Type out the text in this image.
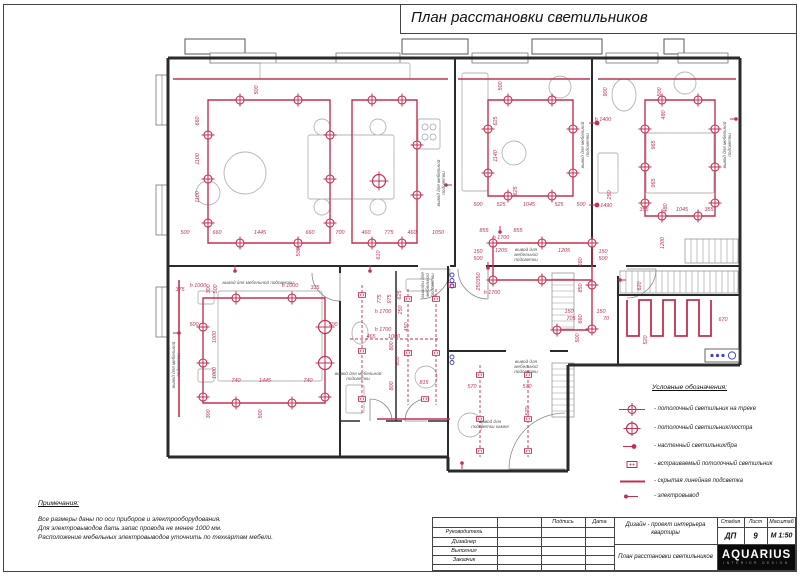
План расстановки светильников
500
660
1100
1100
500	660	1445	660	700	460	775	460	1050
500	610
500
625
1140
625
500	525	1045	525 500
855	855
h 1700
900	500
480
965
965
250
h 1400
h 1490
355	480 1045	355
1200
375
h 1000 300 500	h 1000 335
500
1000
1000
500
740	1445	740
300	500
150
500
1205	1205	150
500
660
850
660
150
705
150
70
500
350
250
h 1700
775 975 625
450
800
800
465 1000
250
600
h 1700
h 1700
815
570	570
570
620
670
520
вывод для мебельнойподсветки
вывод для мебельнойподсветки	вывод для мебельнойподсветки
вывод для мебельнойподсветки
вывод для мебельной подсветки
вывод для мебельной подсветки
вывод для мебельной подсветки
выводы длямебельнойподсветки
вывод для подсветки камня
вывод для мебельной подсветки
Условные обозначения:
- потолочный светильник на треке
- потолочный светильник/люстра
- настенный светильник/бра
- встраиваемый потолочный светильник
- скрытая линейная подсветка
- электровывод
Примечания:
Все размеры даны по оси приборов и электрооборудования.
Для электровыводов дать запас провода не менее 1000 мм.
Расположение мебельных электровыводов уточнить по техкартам мебели.
AQUARIUS
INTERIOR DESIGN
Подпись	Дата
Руководитель
Дизайнер
Выполнил
Заказчик
Дизайн - проект интерьера
квартиры
План расстановки светильников
Стадия Лист Масштаб
ДП 9 М 1:50
